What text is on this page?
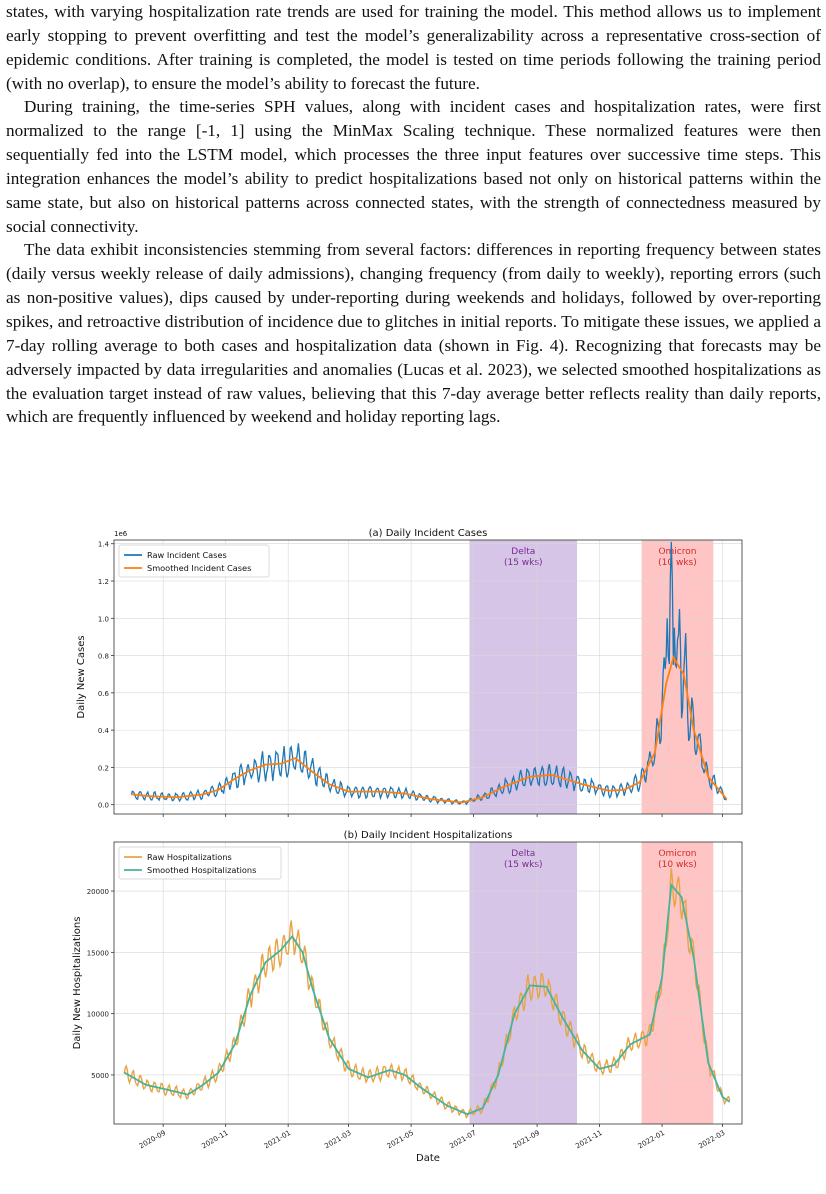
states, with varying hospitalization rate trends are used for training the model. This method allows us to implement early stopping to prevent overfitting and test the model’s generalizability across a representative cross-section of epidemic conditions. After training is completed, the model is tested on time periods following the training period (with no overlap), to ensure the model’s ability to forecast the future.

During training, the time-series SPH values, along with incident cases and hospitalization rates, were first normalized to the range [-1, 1] using the MinMax Scaling technique. These normalized features were then sequentially fed into the LSTM model, which processes the three input features over successive time steps. This integration enhances the model’s ability to predict hospitalizations based not only on historical patterns within the same state, but also on historical patterns across connected states, with the strength of connectedness measured by social connectivity.

The data exhibit inconsistencies stemming from several factors: differences in reporting frequency between states (daily versus weekly release of daily admissions), changing frequency (from daily to weekly), reporting errors (such as non-positive values), dips caused by under-reporting during weekends and holidays, followed by over-reporting spikes, and retroactive distribution of incidence due to glitches in initial reports. To mitigate these issues, we applied a 7-day rolling average to both cases and hospitalization data (shown in Fig. 4). Recognizing that forecasts may be adversely impacted by data irregularities and anomalies (Lucas et al. 2023), we selected smoothed hospitalizations as the evaluation target instead of raw values, believing that this 7-day average better reflects reality than daily reports, which are frequently influenced by weekend and holiday reporting lags.

Delta
(15 wks)
Omicron
(10 wks)
0.0
0.2
0.4
0.6
0.8
1.0
1.2
1.4
(a) Daily Incident Cases
Daily New Cases
1e6
Raw Incident Cases
Smoothed Incident Cases
Delta
(15 wks)
Omicron
(10 wks)
5000
10000
15000
20000
(b) Daily Incident Hospitalizations
Daily New Hospitalizations
Raw Hospitalizations
Smoothed Hospitalizations
2020-09	2020-11	2021-01	2021-03	2021-05	2021-07	2021-09	2021-11	2022-01	2022-03
Date
